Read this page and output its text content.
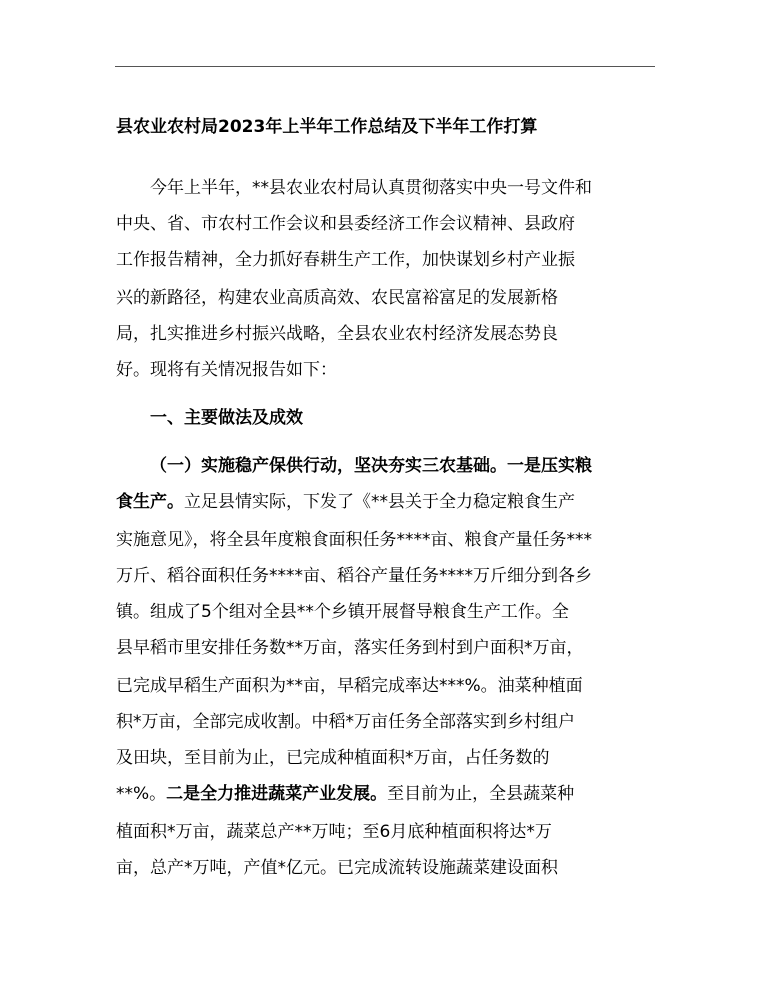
县农业农村局2023年上半年工作总结及下半年工作打算

今年上半年，**县农业农村局认真贯彻落实中央一号文件和

中央、省、市农村工作会议和县委经济工作会议精神、县政府

工作报告精神，全力抓好春耕生产工作，加快谋划乡村产业振

兴的新路径，构建农业高质高效、农民富裕富足的发展新格

局，扎实推进乡村振兴战略，全县农业农村经济发展态势良

好。现将有关情况报告如下：

一、主要做法及成效

（一）实施稳产保供行动，坚决夯实三农基础。一是压实粮

食生产。立足县情实际，下发了《**县关于全力稳定粮食生产

实施意见》，将全县年度粮食面积任务****亩、粮食产量任务***

万斤、稻谷面积任务****亩、稻谷产量任务****万斤细分到各乡

镇。组成了5个组对全县**个乡镇开展督导粮食生产工作。全

县早稻市里安排任务数**万亩，落实任务到村到户面积*万亩，

已完成早稻生产面积为**亩，早稻完成率达***%。油菜种植面

积*万亩，全部完成收割。中稻*万亩任务全部落实到乡村组户

及田块，至目前为止，已完成种植面积*万亩，占任务数的

**%。二是全力推进蔬菜产业发展。至目前为止，全县蔬菜种

植面积*万亩，蔬菜总产**万吨；至6月底种植面积将达*万

亩，总产*万吨，产值*亿元。已完成流转设施蔬菜建设面积
